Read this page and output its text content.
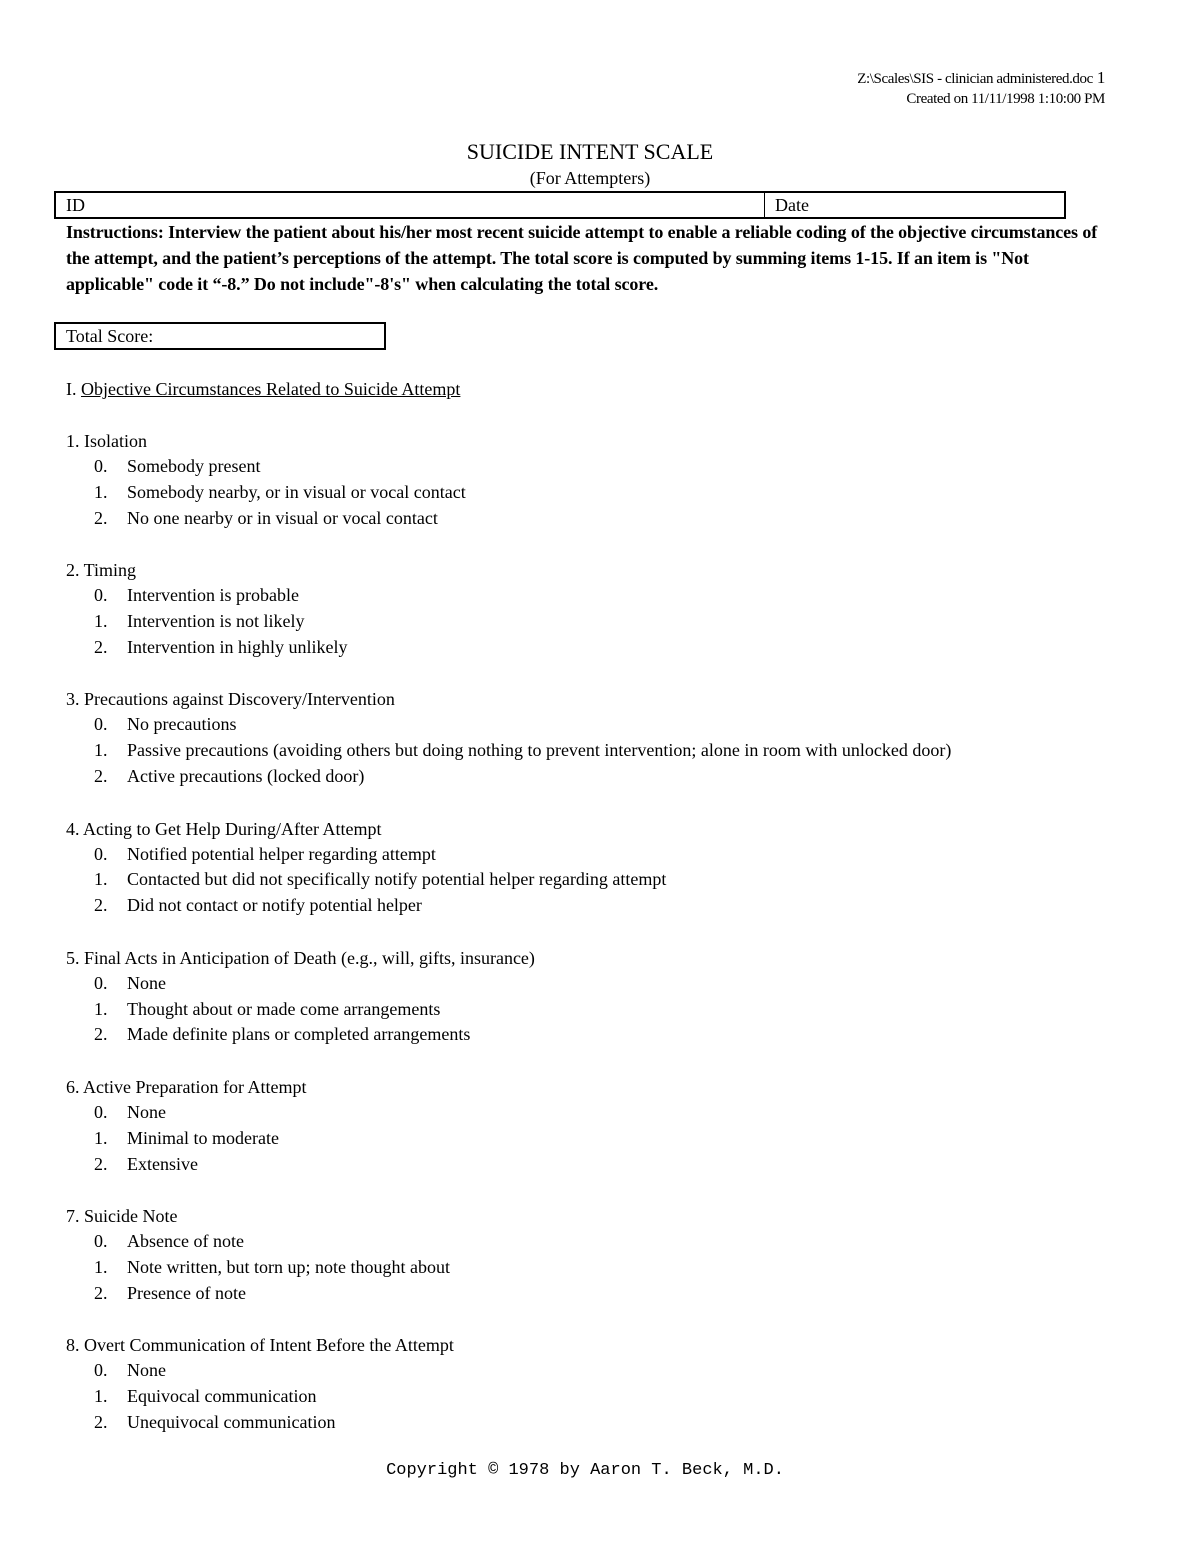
Z:\Scales\SIS - clinician administered.doc 1
Created on 11/11/1998 1:10:00 PM
SUICIDE INTENT SCALE
(For Attempters)
ID	Date
Instructions: Interview the patient about his/her most recent suicide attempt to enable a reliable coding of the objective circumstances of the attempt, and the patient’s perceptions of the attempt. The total score is computed by summing items 1-15. If an item is "Not applicable" code it “-8.” Do not include"-8's" when calculating the total score.
Total Score:
I. Objective Circumstances Related to Suicide Attempt
1. Isolation
0. Somebody present
1. Somebody nearby, or in visual or vocal contact
2. No one nearby or in visual or vocal contact
2. Timing
0. Intervention is probable
1. Intervention is not likely
2. Intervention in highly unlikely
3. Precautions against Discovery/Intervention
0. No precautions
1. Passive precautions (avoiding others but doing nothing to prevent intervention; alone in room with unlocked door)
2. Active precautions (locked door)
4. Acting to Get Help During/After Attempt
0. Notified potential helper regarding attempt
1. Contacted but did not specifically notify potential helper regarding attempt
2. Did not contact or notify potential helper
5. Final Acts in Anticipation of Death (e.g., will, gifts, insurance)
0. None
1. Thought about or made come arrangements
2. Made definite plans or completed arrangements
6. Active Preparation for Attempt
0. None
1. Minimal to moderate
2. Extensive
7. Suicide Note
0. Absence of note
1. Note written, but torn up; note thought about
2. Presence of note
8. Overt Communication of Intent Before the Attempt
0. None
1. Equivocal communication
2. Unequivocal communication
Copyright © 1978 by Aaron T. Beck, M.D.
